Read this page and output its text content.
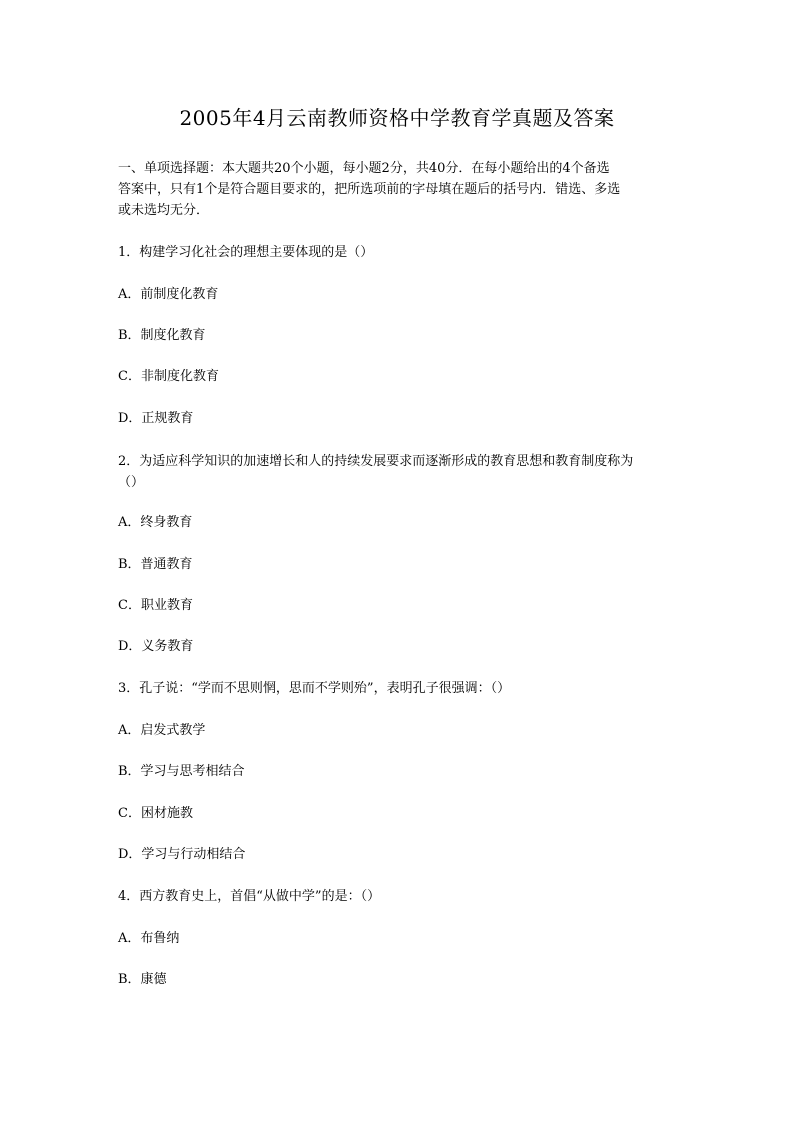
2005年4月云南教师资格中学教育学真题及答案
一、单项选择题：本大题共20个小题，每小题2分，共40分．在每小题给出的4个备选
答案中，只有1个是符合题目要求的，把所选项前的字母填在题后的括号内．错选、多选
或未选均无分．
1．构建学习化社会的理想主要体现的是（）
A．前制度化教育
B．制度化教育
C．非制度化教育
D．正规教育
2．为适应科学知识的加速增长和人的持续发展要求而逐渐形成的教育思想和教育制度称为
（）
A．终身教育
B．普通教育
C．职业教育
D．义务教育
3．孔子说：“学而不思则惘，思而不学则殆”，表明孔子很强调：（）
A．启发式教学
B．学习与思考相结合
C．困材施教
D．学习与行动相结合
4．西方教育史上，首倡“从做中学”的是：（）
A．布鲁纳
B．康德
